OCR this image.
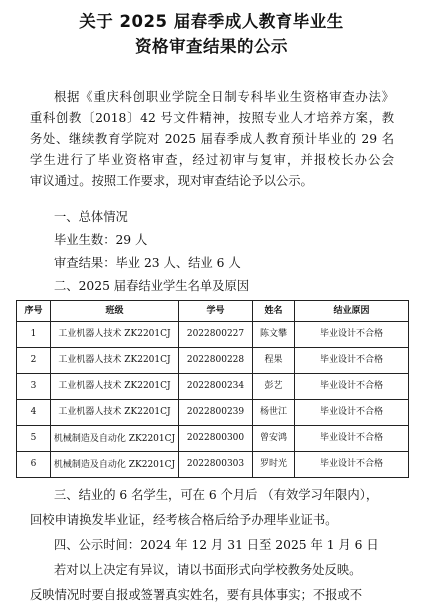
关于 2025 届春季成人教育毕业生
资格审查结果的公示
根据《重庆科创职业学院全日制专科毕业生资格审查办法》
重科创教〔2018〕42 号文件精神，按照专业人才培养方案，教
务处、继续教育学院对 2025 届春季成人教育预计毕业的 29 名
学生进行了毕业资格审查，经过初审与复审，并报校长办公会
审议通过。按照工作要求，现对审查结论予以公示。
一、总体情况
毕业生数：29 人
审查结果：毕业 23 人、结业 6 人
二、2025 届春结业学生名单及原因
序号	班级	学号	姓名	结业原因
1	工业机器人技术 ZK2201CJ	2022800227	陈文攀	毕业设计不合格
2	工业机器人技术 ZK2201CJ	2022800228	程果	毕业设计不合格
3	工业机器人技术 ZK2201CJ	2022800234	彭艺	毕业设计不合格
4	工业机器人技术 ZK2201CJ	2022800239	杨世江	毕业设计不合格
5	机械制造及自动化 ZK2201CJ	2022800300	曾安鸿	毕业设计不合格
6	机械制造及自动化 ZK2201CJ	2022800303	罗时光	毕业设计不合格
三、结业的 6 名学生，可在 6 个月后 （有效学习年限内），
回校申请换发毕业证，经考核合格后给予办理毕业证书。
四、公示时间：2024 年 12 月 31 日至 2025 年 1 月 6 日
若对以上决定有异议，请以书面形式向学校教务处反映。
反映情况时要自报或签署真实姓名，要有具体事实；不报或不
